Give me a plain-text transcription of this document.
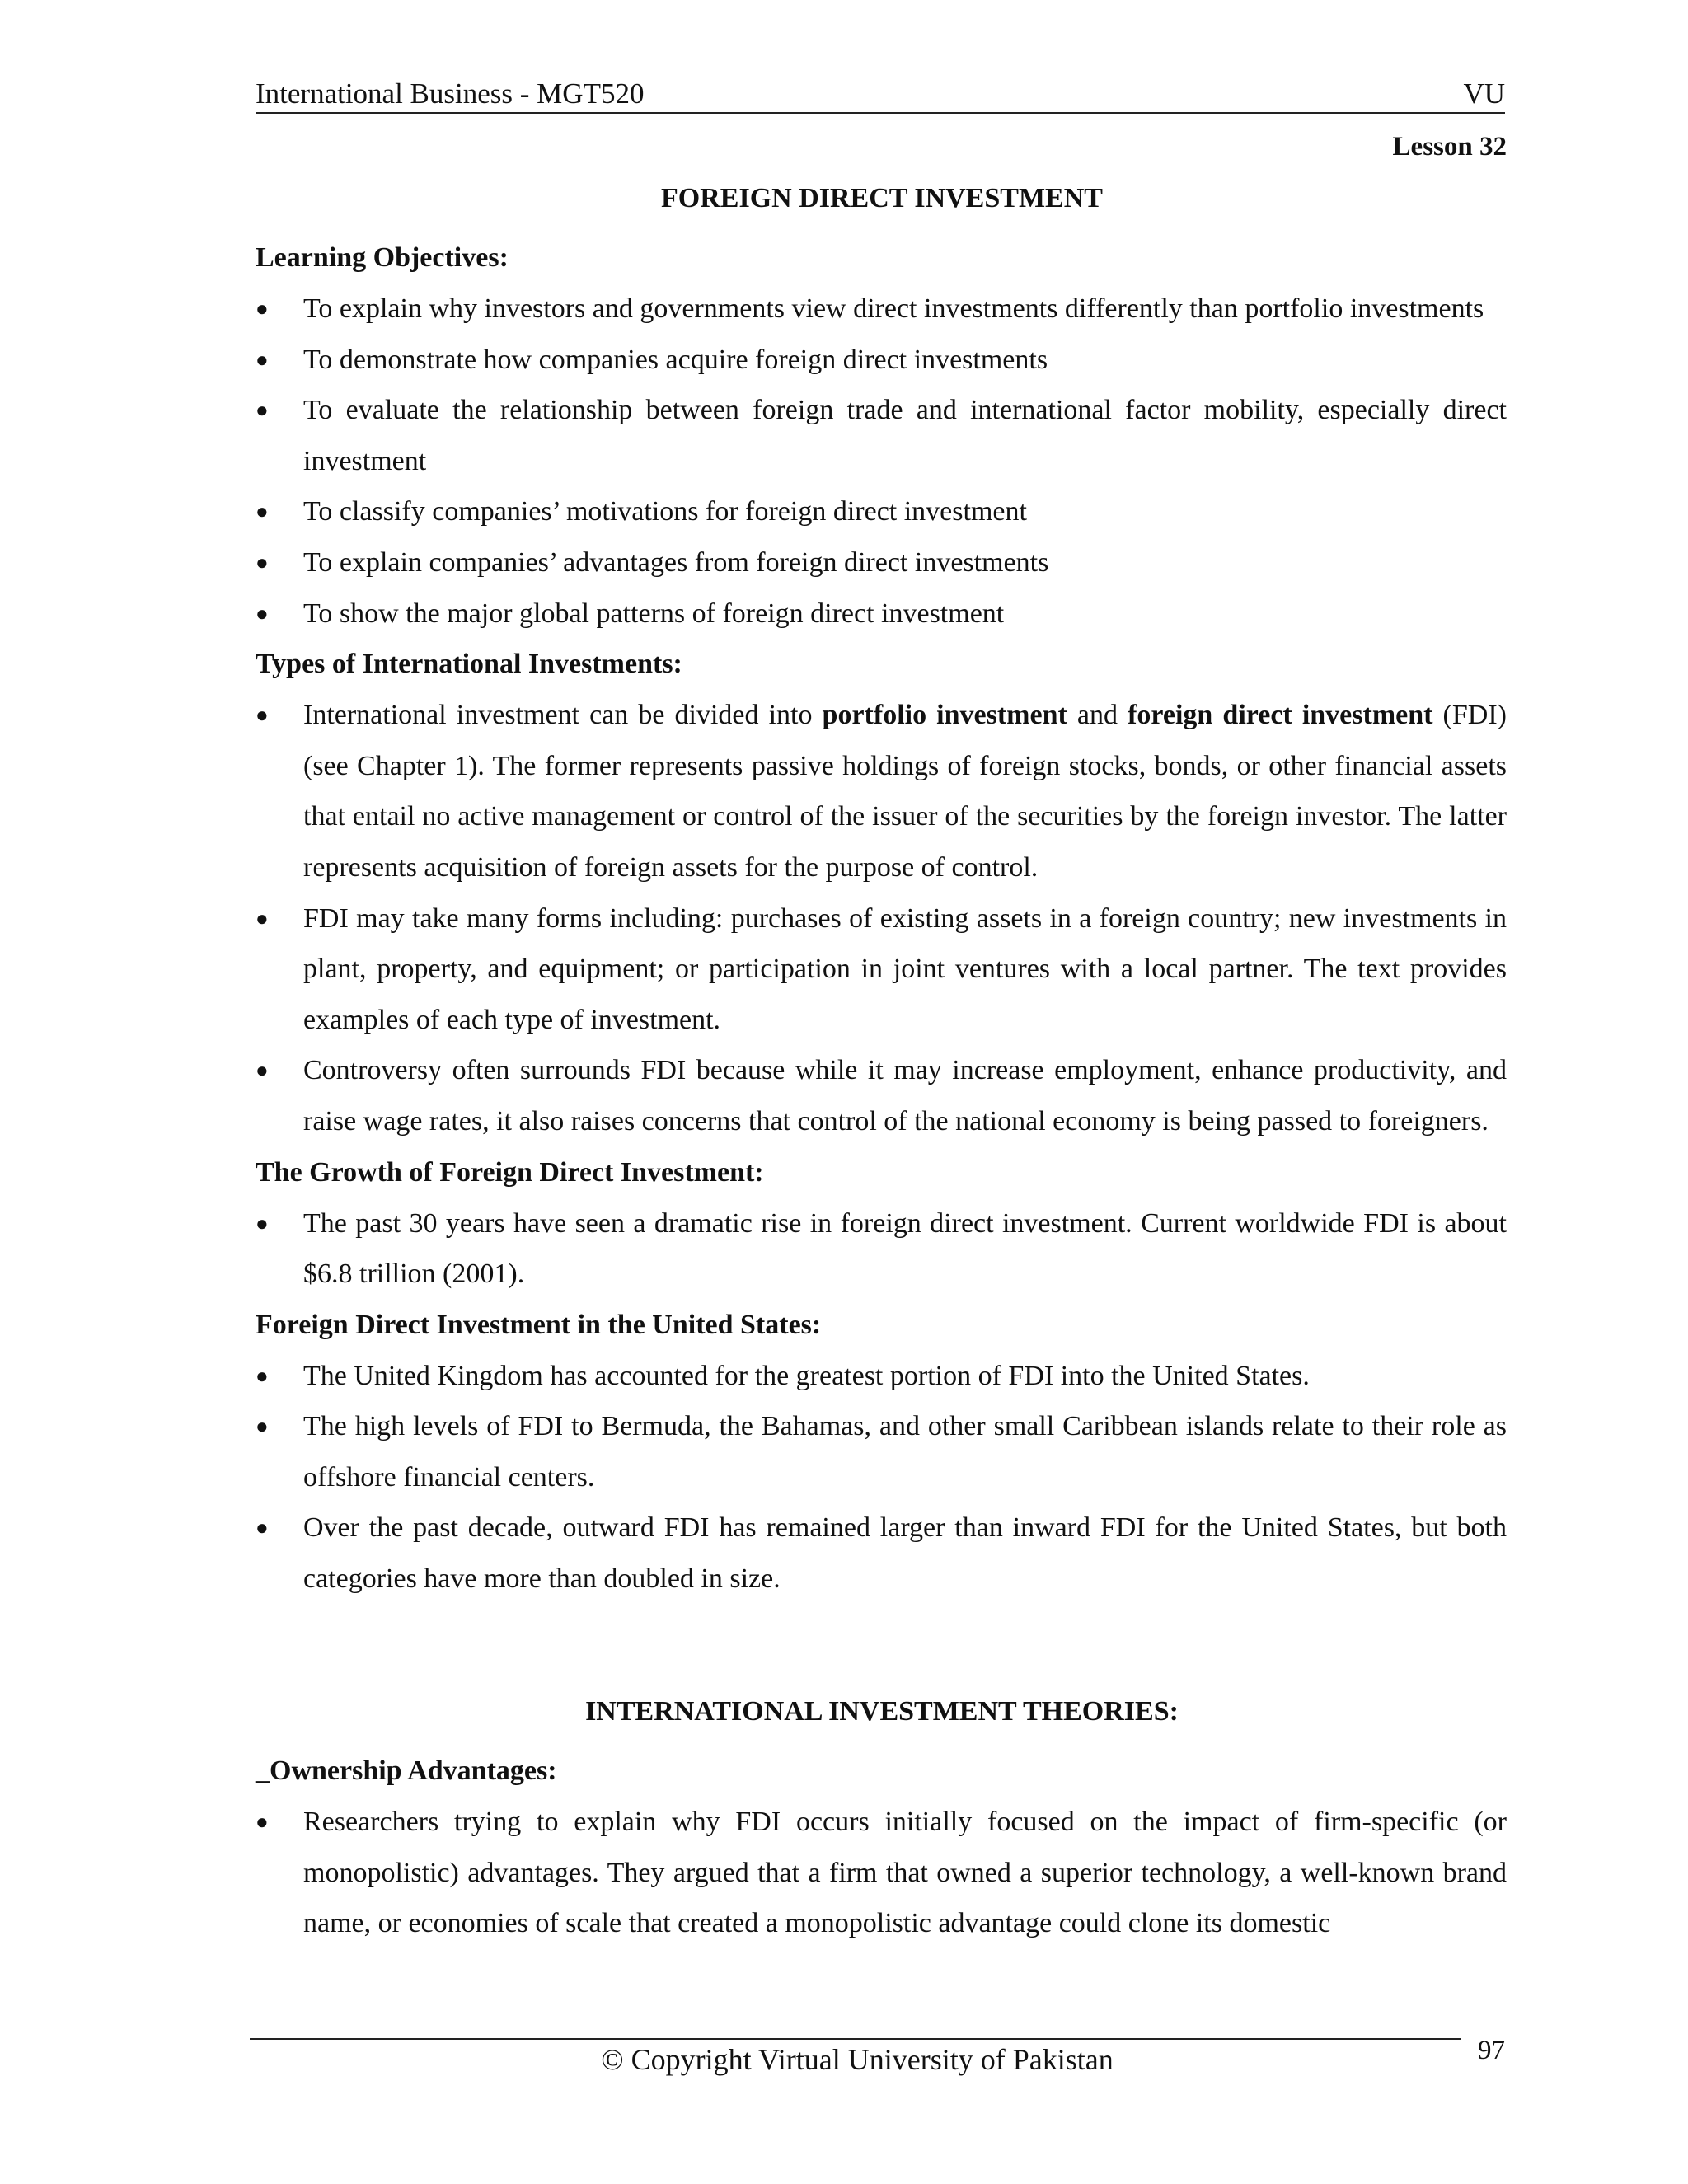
International Business - MGT520	VU
Lesson 32
FOREIGN DIRECT INVESTMENT
Learning Objectives:
● To explain why investors and governments view direct investments differently than portfolio investments
● To demonstrate how companies acquire foreign direct investments
● To evaluate the relationship between foreign trade and international factor mobility, especially direct investment
● To classify companies’ motivations for foreign direct investment
● To explain companies’ advantages from foreign direct investments
● To show the major global patterns of foreign direct investment
Types of International Investments:
● International investment can be divided into portfolio investment and foreign direct investment (FDI) (see Chapter 1). The former represents passive holdings of foreign stocks, bonds, or other financial assets that entail no active management or control of the issuer of the securities by the foreign investor. The latter represents acquisition of foreign assets for the purpose of control.
● FDI may take many forms including: purchases of existing assets in a foreign country; new investments in plant, property, and equipment; or participation in joint ventures with a local partner. The text provides examples of each type of investment.
● Controversy often surrounds FDI because while it may increase employment, enhance productivity, and raise wage rates, it also raises concerns that control of the national economy is being passed to foreigners.
The Growth of Foreign Direct Investment:
● The past 30 years have seen a dramatic rise in foreign direct investment. Current worldwide FDI is about $6.8 trillion (2001).
Foreign Direct Investment in the United States:
● The United Kingdom has accounted for the greatest portion of FDI into the United States.
● The high levels of FDI to Bermuda, the Bahamas, and other small Caribbean islands relate to their role as offshore financial centers.
● Over the past decade, outward FDI has remained larger than inward FDI for the United States, but both categories have more than doubled in size.
INTERNATIONAL INVESTMENT THEORIES:
_Ownership Advantages:
● Researchers trying to explain why FDI occurs initially focused on the impact of firm-specific (or monopolistic) advantages. They argued that a firm that owned a superior technology, a well-known brand name, or economies of scale that created a monopolistic advantage could clone its domestic
© Copyright Virtual University of Pakistan	97
